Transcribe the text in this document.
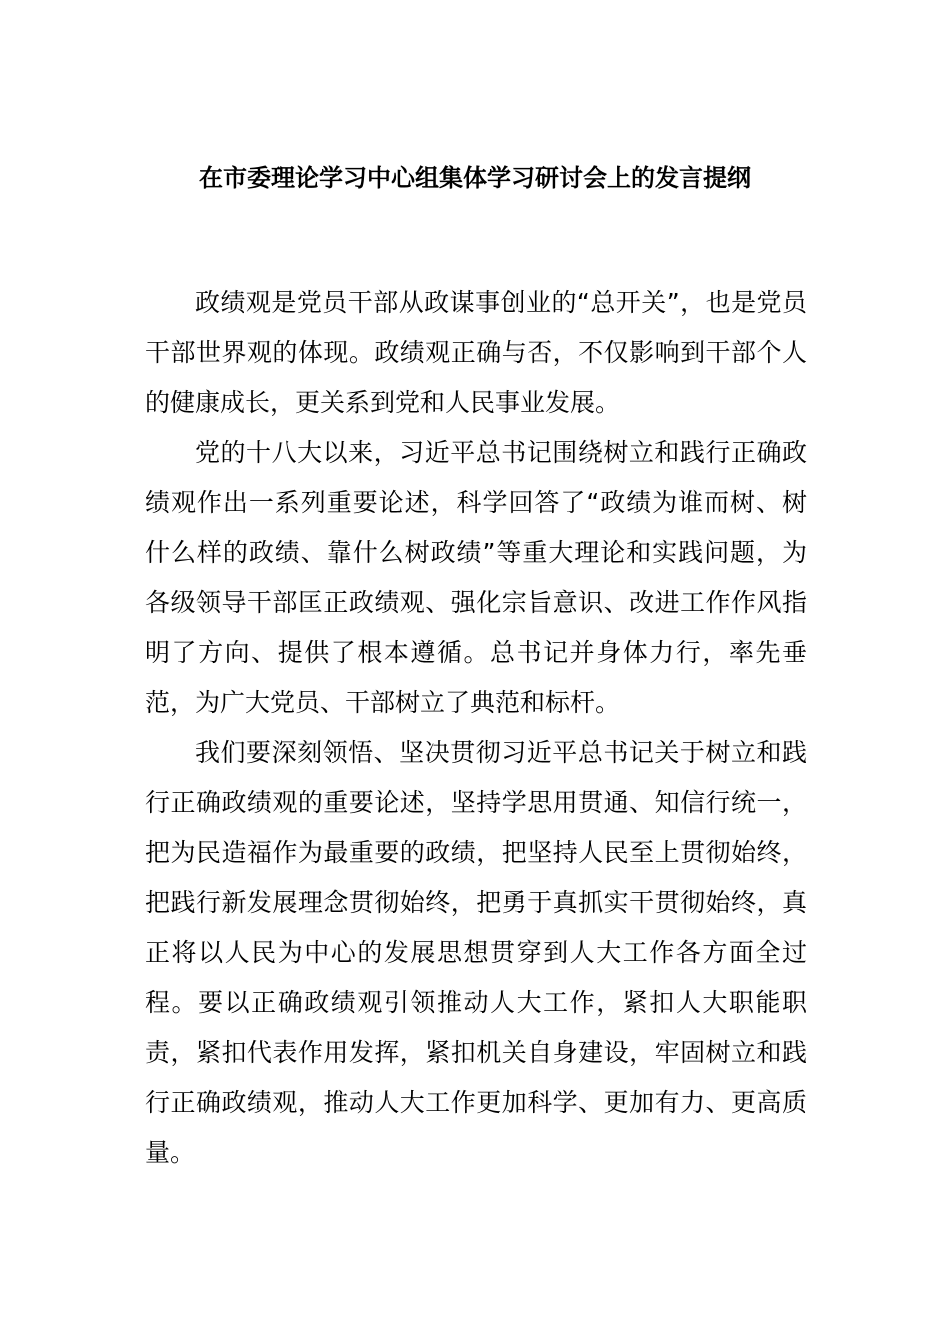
在市委理论学习中心组集体学习研讨会上的发言提纲

政绩观是党员干部从政谋事创业的“总开关”，也是党员干部世界观的体现。政绩观正确与否，不仅影响到干部个人的健康成长，更关系到党和人民事业发展。

党的十八大以来，习近平总书记围绕树立和践行正确政绩观作出一系列重要论述，科学回答了“政绩为谁而树、树什么样的政绩、靠什么树政绩”等重大理论和实践问题，为各级领导干部匡正政绩观、强化宗旨意识、改进工作作风指明了方向、提供了根本遵循。总书记并身体力行，率先垂范，为广大党员、干部树立了典范和标杆。

我们要深刻领悟、坚决贯彻习近平总书记关于树立和践行正确政绩观的重要论述，坚持学思用贯通、知信行统一，把为民造福作为最重要的政绩，把坚持人民至上贯彻始终，把践行新发展理念贯彻始终，把勇于真抓实干贯彻始终，真正将以人民为中心的发展思想贯穿到人大工作各方面全过程。要以正确政绩观引领推动人大工作，紧扣人大职能职责，紧扣代表作用发挥，紧扣机关自身建设，牢固树立和践行正确政绩观，推动人大工作更加科学、更加有力、更高质量。
